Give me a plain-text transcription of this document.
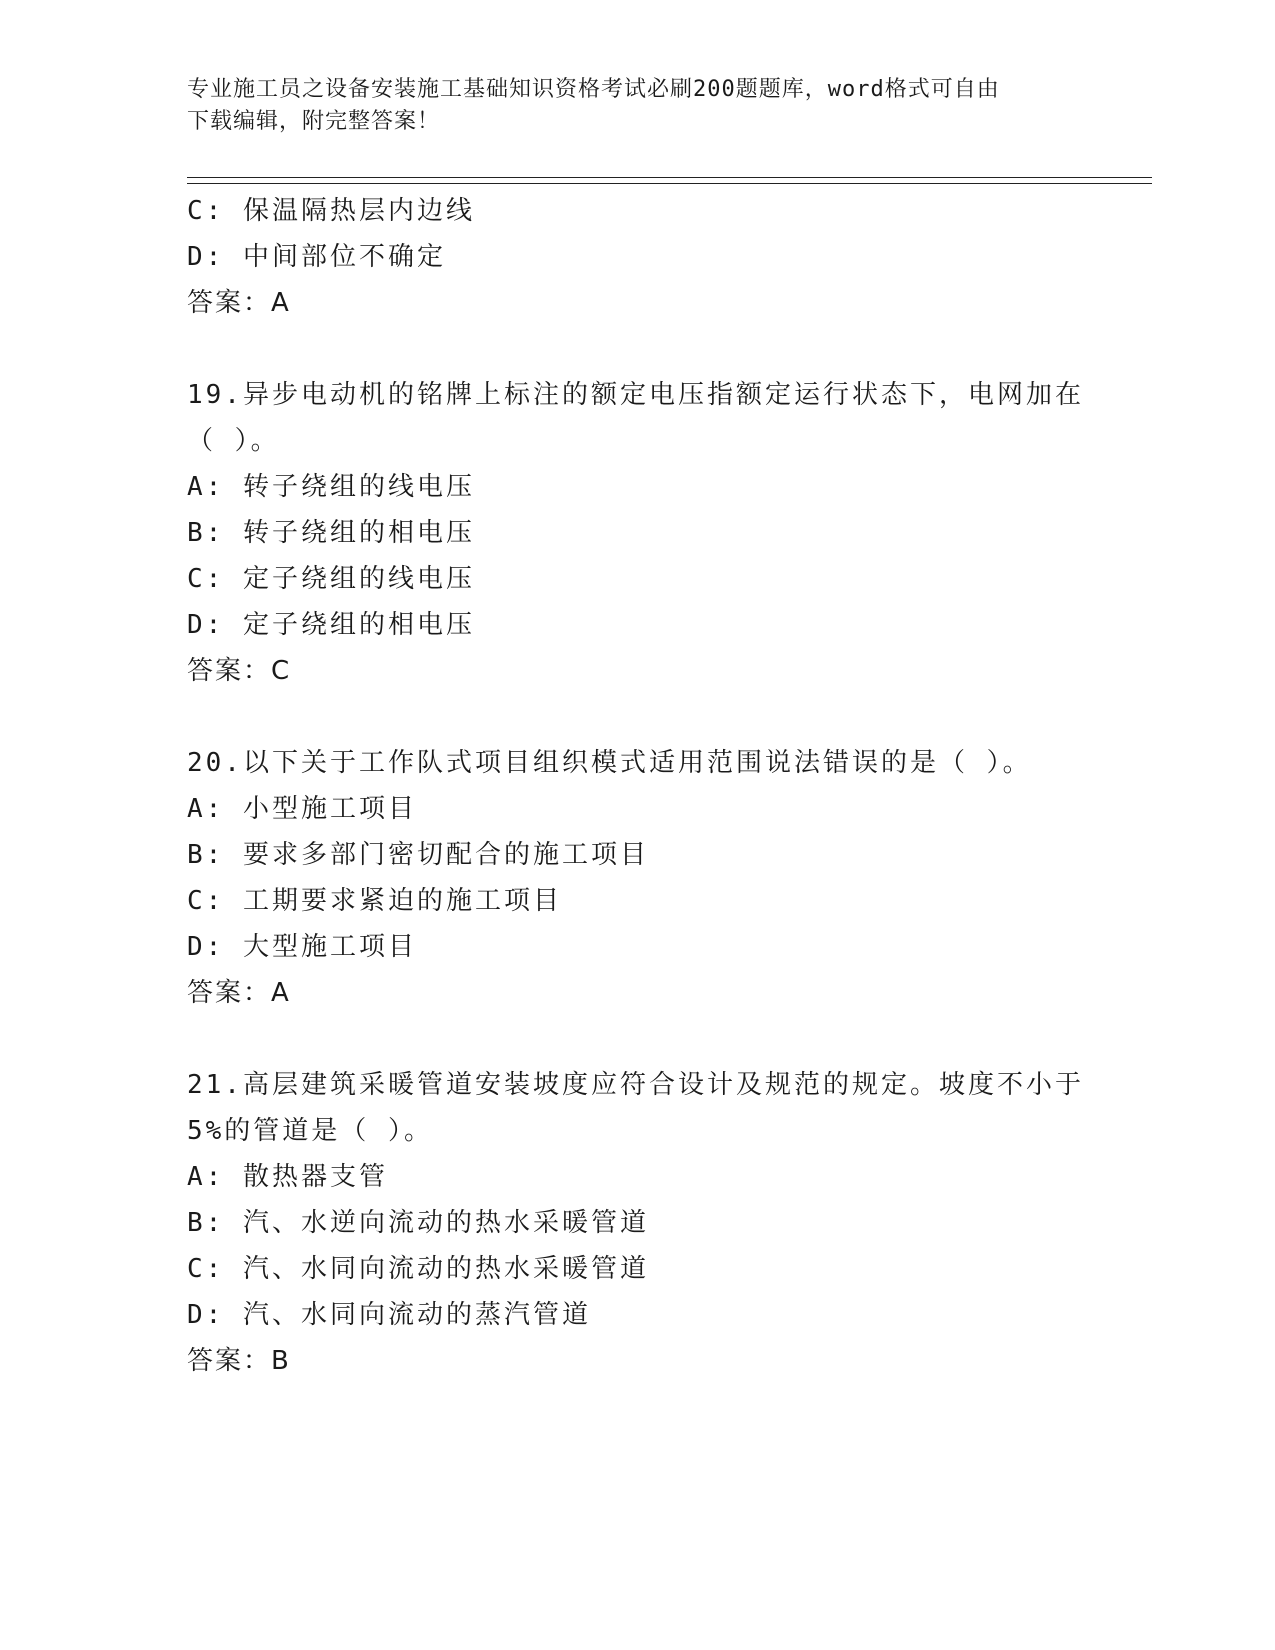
专业施工员之设备安装施工基础知识资格考试必刷200题题库，word格式可自由
下载编辑，附完整答案！
C: 保温隔热层内边线
D: 中间部位不确定
答案：A
19.异步电动机的铭牌上标注的额定电压指额定运行状态下，电网加在
（ ）。
A: 转子绕组的线电压
B: 转子绕组的相电压
C: 定子绕组的线电压
D: 定子绕组的相电压
答案：C
20.以下关于工作队式项目组织模式适用范围说法错误的是（ ）。
A: 小型施工项目
B: 要求多部门密切配合的施工项目
C: 工期要求紧迫的施工项目
D: 大型施工项目
答案：A
21.高层建筑采暖管道安装坡度应符合设计及规范的规定。坡度不小于
5%的管道是（ ）。
A: 散热器支管
B: 汽、水逆向流动的热水采暖管道
C: 汽、水同向流动的热水采暖管道
D: 汽、水同向流动的蒸汽管道
答案：B
